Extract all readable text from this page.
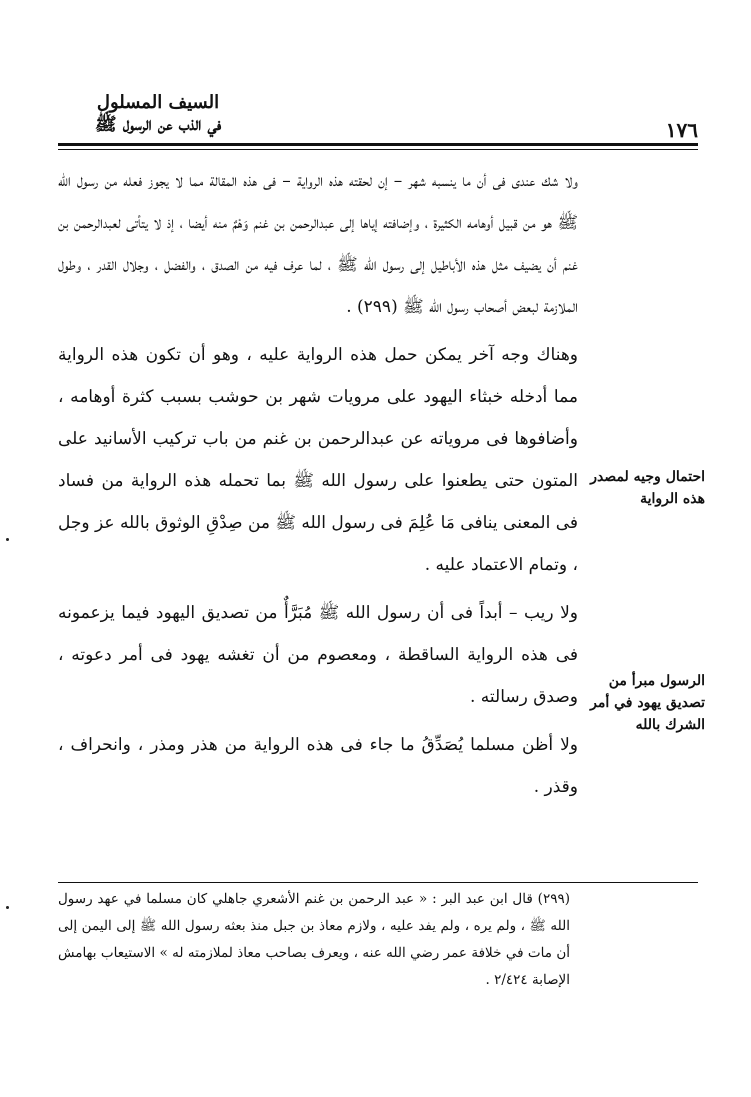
السيف المسلول
في الذب عن الرسول ﷺ	١٧٦

ولا شك عندى فى أن ما ينسبه شهر – إن لحقته هذه الرواية – فى هذه المقالة مما لا يجوز فعله من رسول الله ﷺ هو من قبيل أوهامه الكثيرة ، وإضافته إياها إلى عبدالرحمن بن غنم وَهْمٌ منه أيضا ، إذ لا يتأتى لعبدالرحمن بن غنم أن يضيف مثل هذه الأباطيل إلى رسول الله ﷺ ، لما عرف فيه من الصدق ، والفضل ، وجلال القدر ، وطول الملازمة لبعض أصحاب رسول الله ﷺ (٢٩٩) .

وهناك وجه آخر يمكن حمل هذه الرواية عليه ، وهو أن تكون هذه الرواية مما أدخله خبثاء اليهود على مرويات شهر بن حوشب بسبب كثرة أوهامه ، وأضافوها فى مروياته عن عبدالرحمن بن غنم من باب تركيب الأسانيد على المتون حتى يطعنوا على رسول الله ﷺ بما تحمله هذه الرواية من فساد فى المعنى ينافى مَا عُلِمَ فى رسول الله ﷺ من صِدْقِ الوثوق بالله عز وجل ، وتمام الاعتماد عليه .

ولا ريب – أبداً فى أن رسول الله ﷺ مُبَرَّأٌ من تصديق اليهود فيما يزعمونه فى هذه الرواية الساقطة ، ومعصوم من أن تغشه يهود فى أمر دعوته ، وصدق رسالته .

ولا أظن مسلما يُصَدِّقُ ما جاء فى هذه الرواية من هذر ومذر ، وانحراف ، وقذر .

احتمال وجيه لمصدر هذه الرواية
الرسول مبرأ من تصديق يهود في أمر الشرك بالله
(٢٩٩) قال ابن عبد البر : « عبد الرحمن بن غنم الأشعري جاهلي كان مسلما في عهد رسول الله ﷺ ، ولم يره ، ولم يفد عليه ، ولازم معاذ بن جبل منذ بعثه رسول الله ﷺ إلى اليمن إلى أن مات في خلافة عمر رضي الله عنه ، ويعرف بصاحب معاذ لملازمته له » الاستيعاب بهامش الإصابة ٢/٤٢٤ .
